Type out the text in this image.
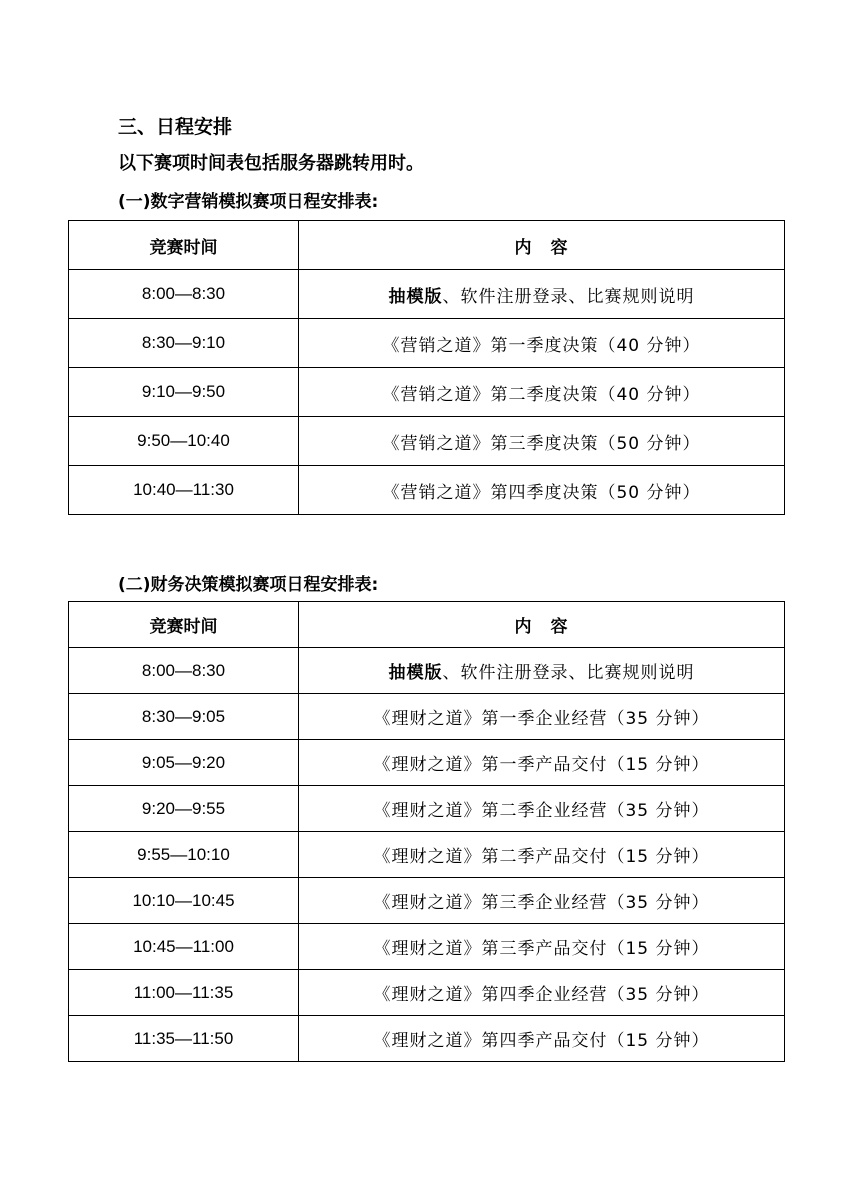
三、日程安排
以下赛项时间表包括服务器跳转用时。
(一)数字营销模拟赛项日程安排表:
竞赛时间	内　容
8:00—8:30	抽模版、软件注册登录、比赛规则说明
8:30—9:10	《营销之道》第一季度决策（40 分钟）
9:10—9:50	《营销之道》第二季度决策（40 分钟）
9:50—10:40	《营销之道》第三季度决策（50 分钟）
10:40—11:30	《营销之道》第四季度决策（50 分钟）
(二)财务决策模拟赛项日程安排表:
竞赛时间	内　容
8:00—8:30	抽模版、软件注册登录、比赛规则说明
8:30—9:05	《理财之道》第一季企业经营（35 分钟）
9:05—9:20	《理财之道》第一季产品交付（15 分钟）
9:20—9:55	《理财之道》第二季企业经营（35 分钟）
9:55—10:10	《理财之道》第二季产品交付（15 分钟）
10:10—10:45	《理财之道》第三季企业经营（35 分钟）
10:45—11:00	《理财之道》第三季产品交付（15 分钟）
11:00—11:35	《理财之道》第四季企业经营（35 分钟）
11:35—11:50	《理财之道》第四季产品交付（15 分钟）
